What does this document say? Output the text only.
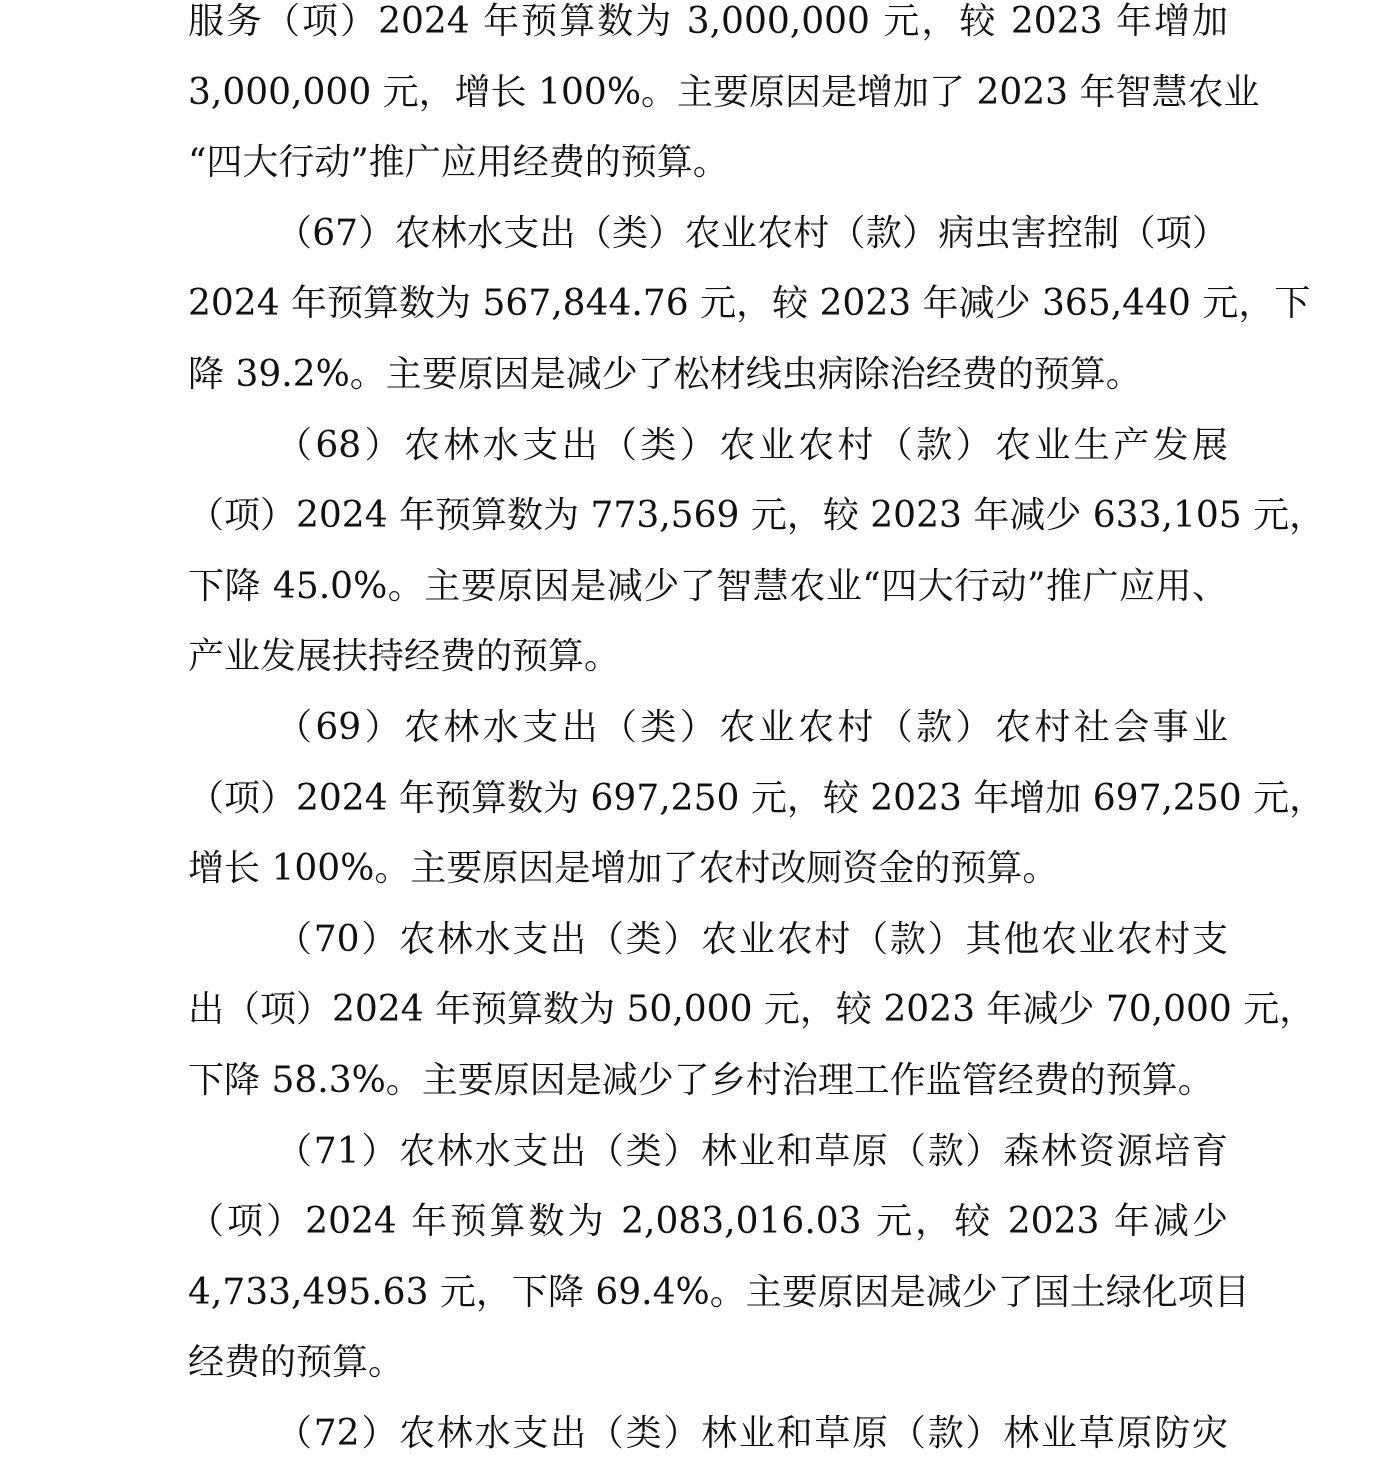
服务（项）2024 年预算数为 3,000,000 元，较 2023 年增加
3,000,000 元，增长 100%。主要原因是增加了 2023 年智慧农业
“四大行动”推广应用经费的预算。
（67）农林水支出（类）农业农村（款）病虫害控制（项）
2024 年预算数为 567,844.76 元，较 2023 年减少 365,440 元，下
降 39.2%。主要原因是减少了松材线虫病除治经费的预算。
（68）农林水支出（类）农业农村（款）农业生产发展
（项）2024 年预算数为 773,569 元，较 2023 年减少 633,105 元，
下降 45.0%。主要原因是减少了智慧农业“四大行动”推广应用、
产业发展扶持经费的预算。
（69）农林水支出（类）农业农村（款）农村社会事业
（项）2024 年预算数为 697,250 元，较 2023 年增加 697,250 元，
增长 100%。主要原因是增加了农村改厕资金的预算。
（70）农林水支出（类）农业农村（款）其他农业农村支
出（项）2024 年预算数为 50,000 元，较 2023 年减少 70,000 元，
下降 58.3%。主要原因是减少了乡村治理工作监管经费的预算。
（71）农林水支出（类）林业和草原（款）森林资源培育
（项）2024 年预算数为 2,083,016.03 元，较 2023 年减少
4,733,495.63 元，下降 69.4%。主要原因是减少了国土绿化项目
经费的预算。
（72）农林水支出（类）林业和草原（款）林业草原防灾
